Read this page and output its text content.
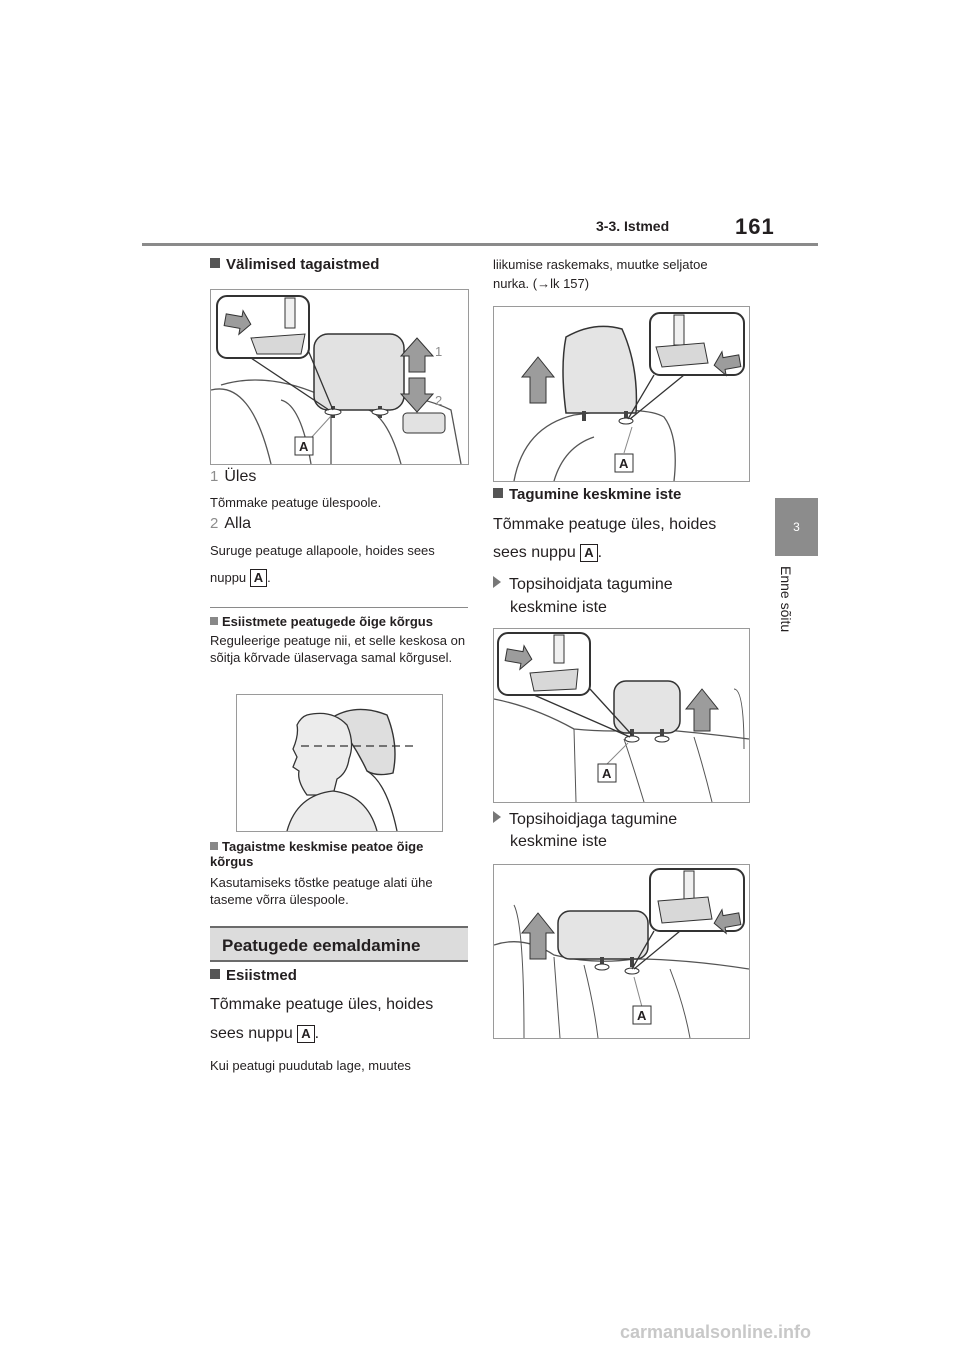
3-3. Istmed	161
3
Enne sõitu
Välimised tagaistmed
1
2
A
1 Üles
Tõmmake peatuge ülespoole.
2 Alla
Suruge peatuge allapoole, hoides sees
nuppu A .
Esiistmete peatugede õige kõrgus
Reguleerige peatuge nii, et selle keskosa on sõitja kõrvade ülaservaga samal kõrgusel.
Tagaistme keskmise peatoe õige kõrgus
Kasutamiseks tõstke peatuge alati ühe taseme võrra ülespoole.
Peatugede eemaldamine
Esiistmed
Tõmmake peatuge üles, hoides
sees nuppu A .
Kui peatugi puudutab lage, muutes
liikumise raskemaks, muutke seljatoe
nurka. (→lk 157)
A
Tagumine keskmine iste
Tõmmake peatuge üles, hoides
sees nuppu A .
Topsihoidjata tagumine
keskmine iste
A
Topsihoidjaga tagumine
keskmine iste
A
carmanualsonline.info
